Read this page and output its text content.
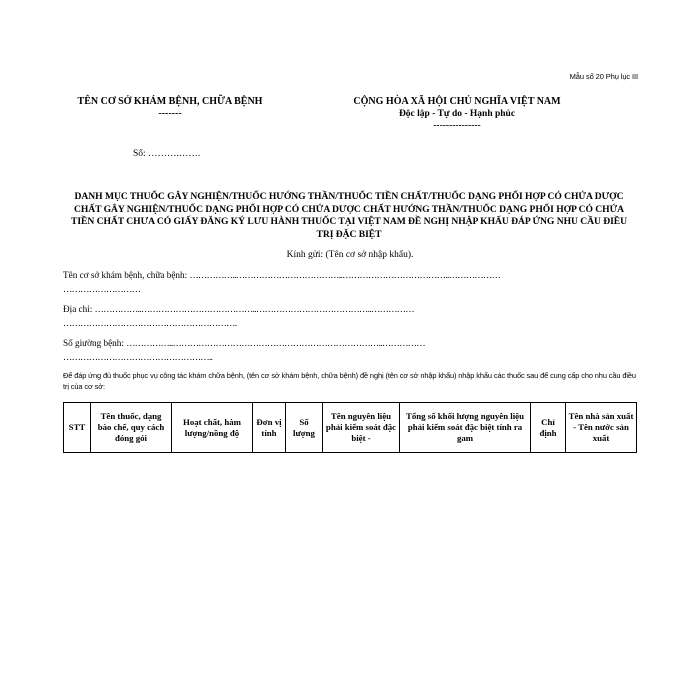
Mẫu số 20 Phụ lục III
TÊN CƠ SỞ KHÁM BỆNH, CHỮA BỆNH
-------
CỘNG HÒA XÃ HỘI CHỦ NGHĨA VIỆT NAM
Độc lập - Tự do - Hạnh phúc
---------------
Số: ……….…….
DANH MỤC THUỐC GÂY NGHIỆN/THUỐC HƯỚNG THẦN/THUỐC TIỀN CHẤT/THUỐC DẠNG PHỐI HỢP CÓ CHỨA DƯỢC CHẤT GÂY NGHIỆN/THUỐC DẠNG PHỐI HỢP CÓ CHỨA DƯỢC CHẤT HƯỚNG THẦN/THUỐC DẠNG PHỐI HỢP CÓ CHỨA TIỀN CHẤT CHƯA CÓ GIẤY ĐĂNG KÝ LƯU HÀNH THUỐC TẠI VIỆT NAM ĐỀ NGHỊ NHẬP KHẨU ĐÁP ỨNG NHU CẦU ĐIỀU TRỊ ĐẶC BIỆT
Kính gửi: (Tên cơ sở nhập khẩu).
Tên cơ sở khám bệnh, chữa bệnh: ……………..………………………………..………………………………..………………
………………………
Địa chỉ: ……………..…………………………………..…………………………………..……………
…………………………………………………….
Số giường bệnh: ……………..………………………………………………………………..……………
……………………………………………..
Để đáp ứng đủ thuốc phục vụ công tác khám chữa bệnh, (tên cơ sở khám bệnh, chữa bệnh) đề nghị (tên cơ sở nhập khẩu) nhập khẩu các thuốc sau để cung cấp cho nhu cầu điều trị của cơ sở:
STT	Tên thuốc, dạng bào chế, quy cách đóng gói	Hoạt chất, hàm lượng/nồng độ	Đơn vị tính	Số lượng	Tên nguyên liệu phải kiểm soát đặc biệt -	Tổng số khối lượng nguyên liệu phải kiểm soát đặc biệt tính ra gam	Chỉ định	Tên nhà sản xuất - Tên nước sản xuất
